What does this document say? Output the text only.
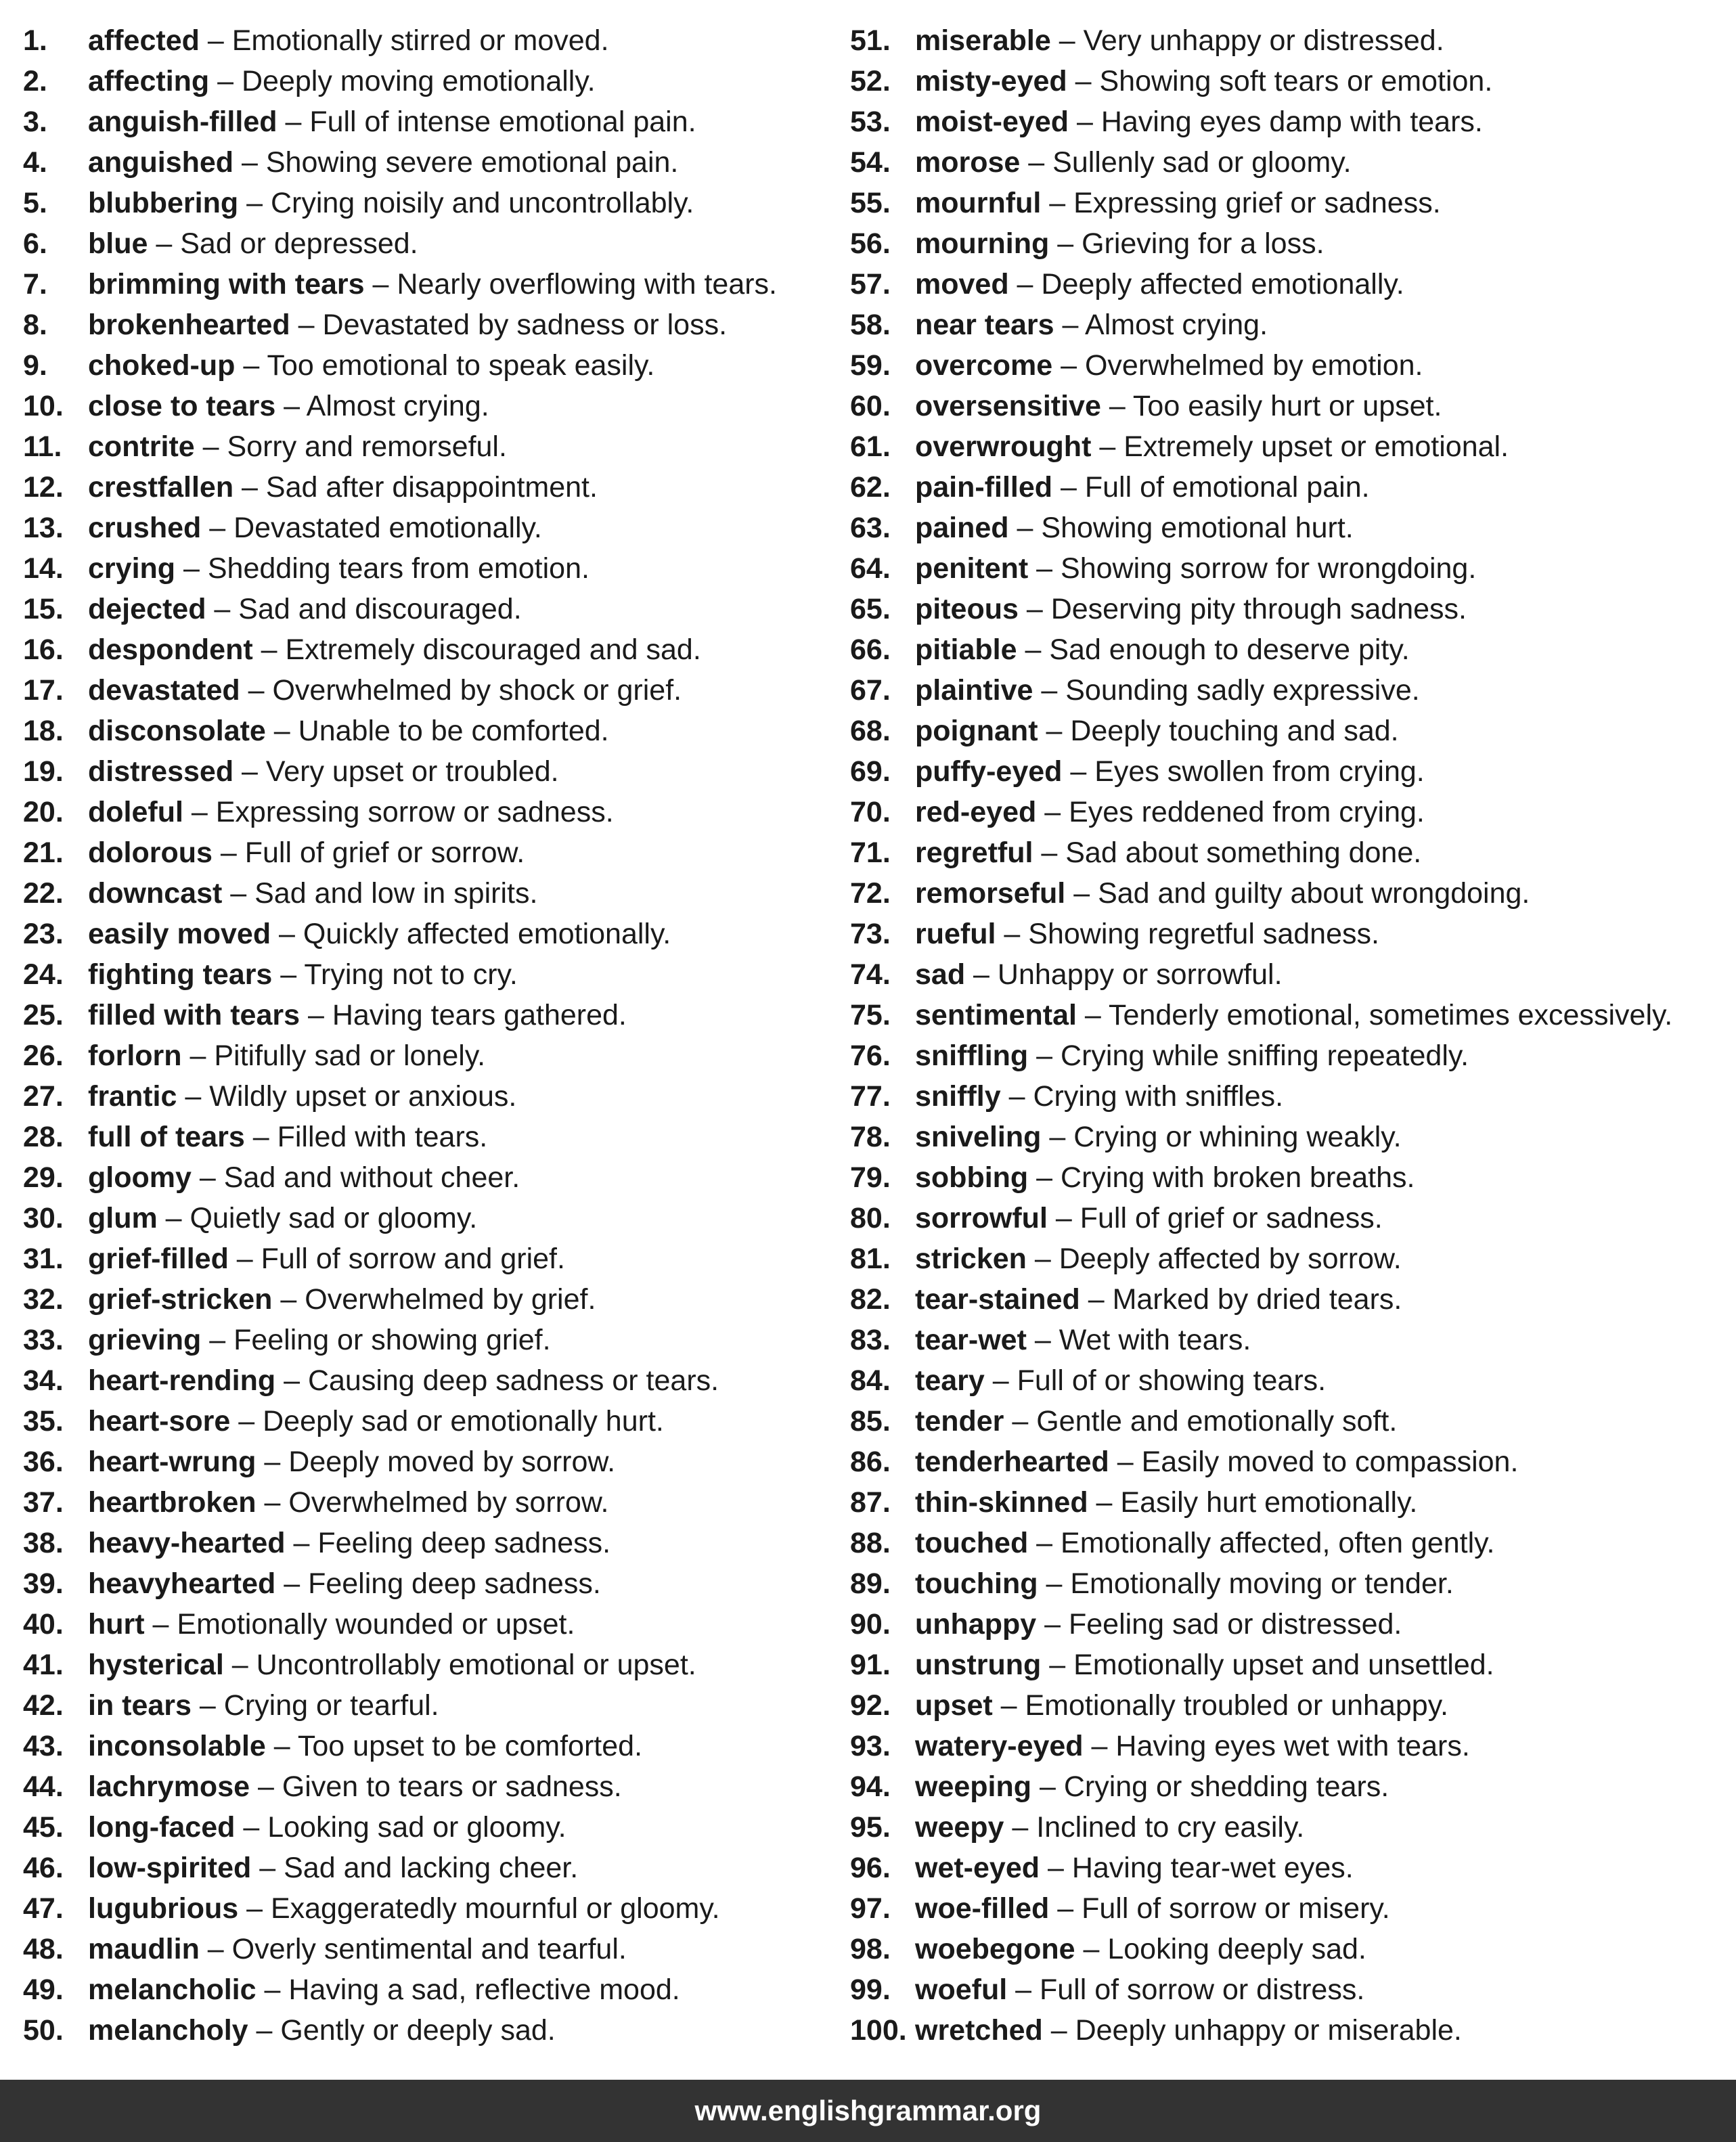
1. affected – Emotionally stirred or moved.
2. affecting – Deeply moving emotionally.
3. anguish-filled – Full of intense emotional pain.
4. anguished – Showing severe emotional pain.
5. blubbering – Crying noisily and uncontrollably.
6. blue – Sad or depressed.
7. brimming with tears – Nearly overflowing with tears.
8. brokenhearted – Devastated by sadness or loss.
9. choked-up – Too emotional to speak easily.
10. close to tears – Almost crying.
11. contrite – Sorry and remorseful.
12. crestfallen – Sad after disappointment.
13. crushed – Devastated emotionally.
14. crying – Shedding tears from emotion.
15. dejected – Sad and discouraged.
16. despondent – Extremely discouraged and sad.
17. devastated – Overwhelmed by shock or grief.
18. disconsolate – Unable to be comforted.
19. distressed – Very upset or troubled.
20. doleful – Expressing sorrow or sadness.
21. dolorous – Full of grief or sorrow.
22. downcast – Sad and low in spirits.
23. easily moved – Quickly affected emotionally.
24. fighting tears – Trying not to cry.
25. filled with tears – Having tears gathered.
26. forlorn – Pitifully sad or lonely.
27. frantic – Wildly upset or anxious.
28. full of tears – Filled with tears.
29. gloomy – Sad and without cheer.
30. glum – Quietly sad or gloomy.
31. grief-filled – Full of sorrow and grief.
32. grief-stricken – Overwhelmed by grief.
33. grieving – Feeling or showing grief.
34. heart-rending – Causing deep sadness or tears.
35. heart-sore – Deeply sad or emotionally hurt.
36. heart-wrung – Deeply moved by sorrow.
37. heartbroken – Overwhelmed by sorrow.
38. heavy-hearted – Feeling deep sadness.
39. heavyhearted – Feeling deep sadness.
40. hurt – Emotionally wounded or upset.
41. hysterical – Uncontrollably emotional or upset.
42. in tears – Crying or tearful.
43. inconsolable – Too upset to be comforted.
44. lachrymose – Given to tears or sadness.
45. long-faced – Looking sad or gloomy.
46. low-spirited – Sad and lacking cheer.
47. lugubrious – Exaggeratedly mournful or gloomy.
48. maudlin – Overly sentimental and tearful.
49. melancholic – Having a sad, reflective mood.
50. melancholy – Gently or deeply sad.
51. miserable – Very unhappy or distressed.
52. misty-eyed – Showing soft tears or emotion.
53. moist-eyed – Having eyes damp with tears.
54. morose – Sullenly sad or gloomy.
55. mournful – Expressing grief or sadness.
56. mourning – Grieving for a loss.
57. moved – Deeply affected emotionally.
58. near tears – Almost crying.
59. overcome – Overwhelmed by emotion.
60. oversensitive – Too easily hurt or upset.
61. overwrought – Extremely upset or emotional.
62. pain-filled – Full of emotional pain.
63. pained – Showing emotional hurt.
64. penitent – Showing sorrow for wrongdoing.
65. piteous – Deserving pity through sadness.
66. pitiable – Sad enough to deserve pity.
67. plaintive – Sounding sadly expressive.
68. poignant – Deeply touching and sad.
69. puffy-eyed – Eyes swollen from crying.
70. red-eyed – Eyes reddened from crying.
71. regretful – Sad about something done.
72. remorseful – Sad and guilty about wrongdoing.
73. rueful – Showing regretful sadness.
74. sad – Unhappy or sorrowful.
75. sentimental – Tenderly emotional, sometimes excessively.
76. sniffling – Crying while sniffing repeatedly.
77. sniffly – Crying with sniffles.
78. sniveling – Crying or whining weakly.
79. sobbing – Crying with broken breaths.
80. sorrowful – Full of grief or sadness.
81. stricken – Deeply affected by sorrow.
82. tear-stained – Marked by dried tears.
83. tear-wet – Wet with tears.
84. teary – Full of or showing tears.
85. tender – Gentle and emotionally soft.
86. tenderhearted – Easily moved to compassion.
87. thin-skinned – Easily hurt emotionally.
88. touched – Emotionally affected, often gently.
89. touching – Emotionally moving or tender.
90. unhappy – Feeling sad or distressed.
91. unstrung – Emotionally upset and unsettled.
92. upset – Emotionally troubled or unhappy.
93. watery-eyed – Having eyes wet with tears.
94. weeping – Crying or shedding tears.
95. weepy – Inclined to cry easily.
96. wet-eyed – Having tear-wet eyes.
97. woe-filled – Full of sorrow or misery.
98. woebegone – Looking deeply sad.
99. woeful – Full of sorrow or distress.
100. wretched – Deeply unhappy or miserable.
www.englishgrammar.org
